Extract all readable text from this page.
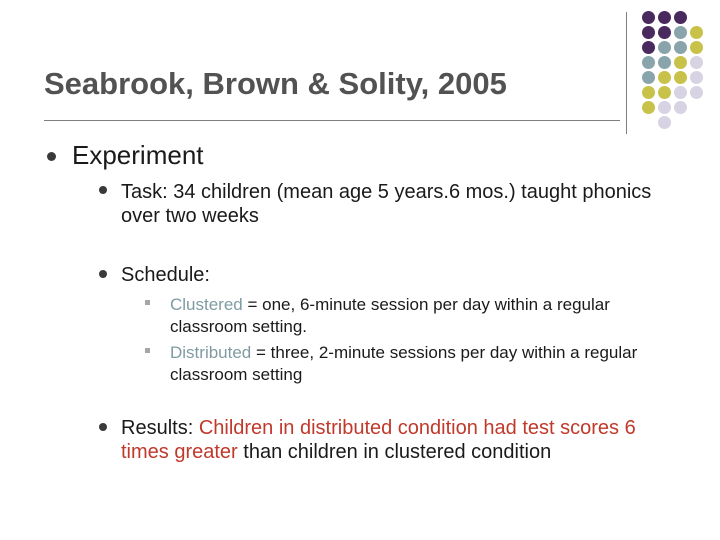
Seabrook, Brown & Solity, 2005

Experiment

Task: 34 children (mean age 5 years.6 mos.) taught phonics over two weeks

Schedule:

Clustered = one, 6-minute session per day within a regular classroom setting.

Distributed = three, 2-minute sessions per day within a regular classroom setting

Results: Children in distributed condition had test scores 6 times greater than children in clustered condition
